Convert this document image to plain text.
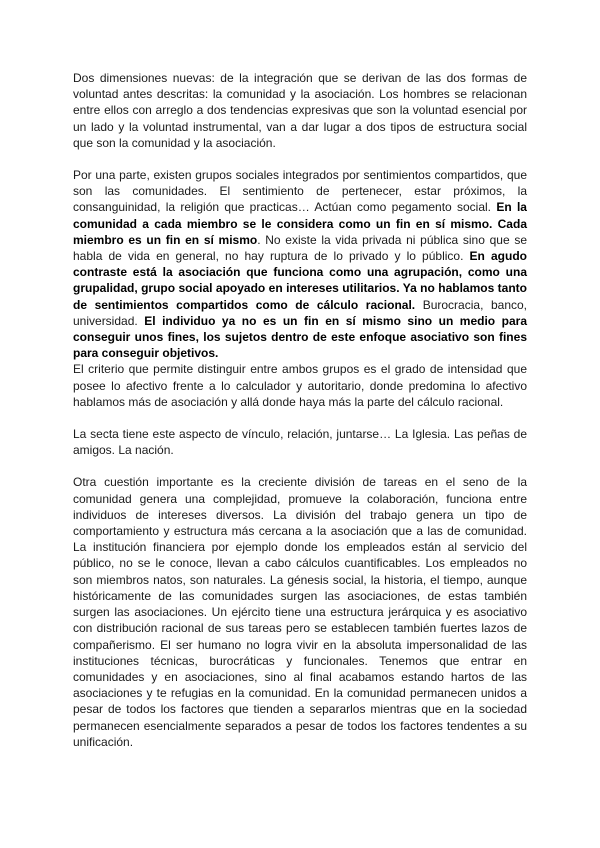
Dos dimensiones nuevas: de la integración que se derivan de las dos formas de voluntad antes descritas: la comunidad y la asociación. Los hombres se relacionan entre ellos con arreglo a dos tendencias expresivas que son la voluntad esencial por un lado y la voluntad instrumental, van a dar lugar a dos tipos de estructura social que son la comunidad y la asociación.

Por una parte, existen grupos sociales integrados por sentimientos compartidos, que son las comunidades. El sentimiento de pertenecer, estar próximos, la consanguinidad, la religión que practicas… Actúan como pegamento social. En la comunidad a cada miembro se le considera como un fin en sí mismo. Cada miembro es un fin en sí mismo. No existe la vida privada ni pública sino que se habla de vida en general, no hay ruptura de lo privado y lo público. En agudo contraste está la asociación que funciona como una agrupación, como una grupalidad, grupo social apoyado en intereses utilitarios. Ya no hablamos tanto de sentimientos compartidos como de cálculo racional. Burocracia, banco, universidad. El individuo ya no es un fin en sí mismo sino un medio para conseguir unos fines, los sujetos dentro de este enfoque asociativo son fines para conseguir objetivos.

El criterio que permite distinguir entre ambos grupos es el grado de intensidad que posee lo afectivo frente a lo calculador y autoritario, donde predomina lo afectivo hablamos más de asociación y allá donde haya más la parte del cálculo racional.

La secta tiene este aspecto de vínculo, relación, juntarse… La Iglesia. Las peñas de amigos. La nación.

Otra cuestión importante es la creciente división de tareas en el seno de la comunidad genera una complejidad, promueve la colaboración, funciona entre individuos de intereses diversos. La división del trabajo genera un tipo de comportamiento y estructura más cercana a la asociación que a las de comunidad. La institución financiera por ejemplo donde los empleados están al servicio del público, no se le conoce, llevan a cabo cálculos cuantificables. Los empleados no son miembros natos, son naturales. La génesis social, la historia, el tiempo, aunque históricamente de las comunidades surgen las asociaciones, de estas también surgen las asociaciones. Un ejército tiene una estructura jerárquica y es asociativo con distribución racional de sus tareas pero se establecen también fuertes lazos de compañerismo. El ser humano no logra vivir en la absoluta impersonalidad de las instituciones técnicas, burocráticas y funcionales. Tenemos que entrar en comunidades y en asociaciones, sino al final acabamos estando hartos de las asociaciones y te refugias en la comunidad. En la comunidad permanecen unidos a pesar de todos los factores que tienden a separarlos mientras que en la sociedad permanecen esencialmente separados a pesar de todos los factores tendentes a su unificación.
